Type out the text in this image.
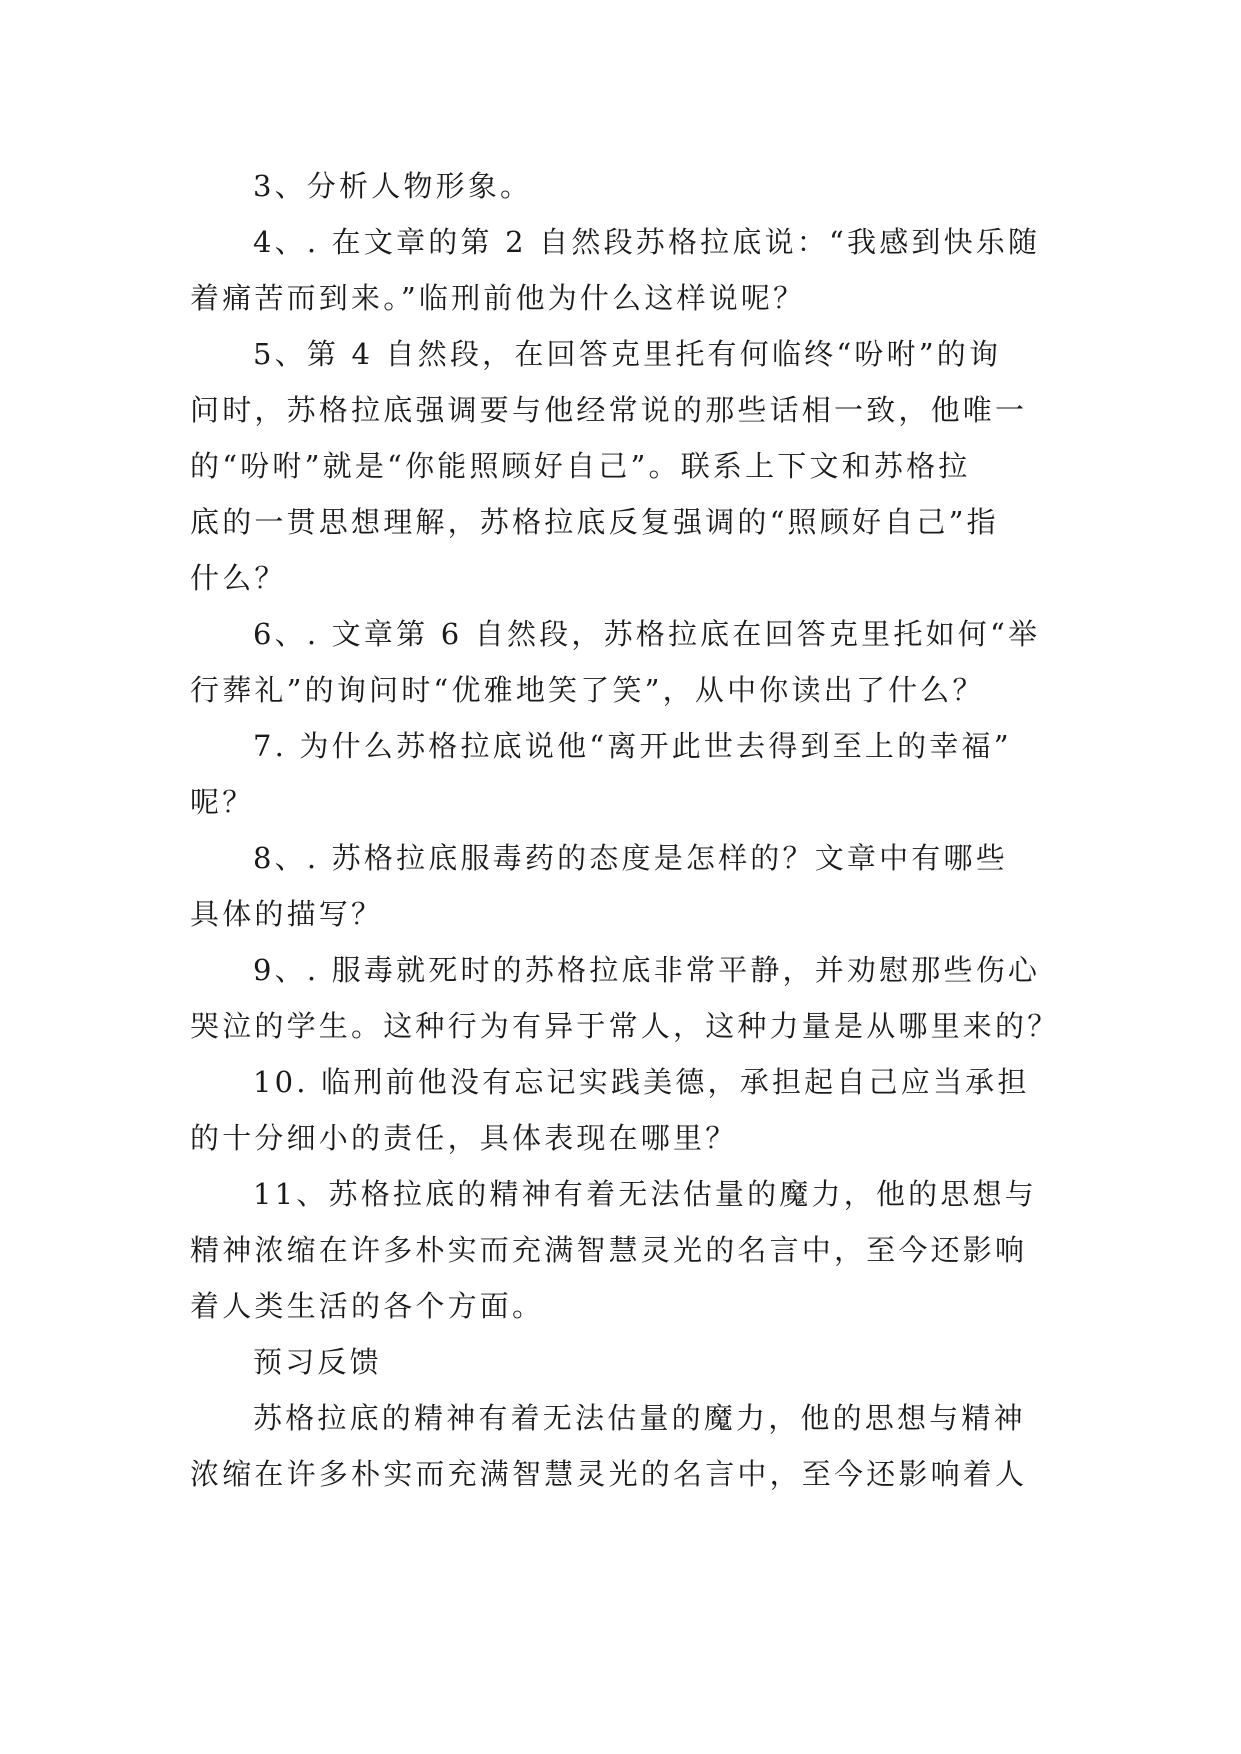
3、分析人物形象。
4、. 在文章的第 2 自然段苏格拉底说：“我感到快乐随
着痛苦而到来。”临刑前他为什么这样说呢？
5、第 4 自然段，在回答克里托有何临终“吩咐”的询
问时，苏格拉底强调要与他经常说的那些话相一致，他唯一
的“吩咐”就是“你能照顾好自己”。联系上下文和苏格拉
底的一贯思想理解，苏格拉底反复强调的“照顾好自己”指
什么？
6、. 文章第 6 自然段，苏格拉底在回答克里托如何“举
行葬礼”的询问时“优雅地笑了笑”，从中你读出了什么？
7. 为什么苏格拉底说他“离开此世去得到至上的幸福”
呢？
8、. 苏格拉底服毒药的态度是怎样的？文章中有哪些
具体的描写？
9、. 服毒就死时的苏格拉底非常平静，并劝慰那些伤心
哭泣的学生。这种行为有异于常人，这种力量是从哪里来的？
10. 临刑前他没有忘记实践美德，承担起自己应当承担
的十分细小的责任，具体表现在哪里？
11、苏格拉底的精神有着无法估量的魔力，他的思想与
精神浓缩在许多朴实而充满智慧灵光的名言中，至今还影响
着人类生活的各个方面。
预习反馈
苏格拉底的精神有着无法估量的魔力，他的思想与精神
浓缩在许多朴实而充满智慧灵光的名言中，至今还影响着人
